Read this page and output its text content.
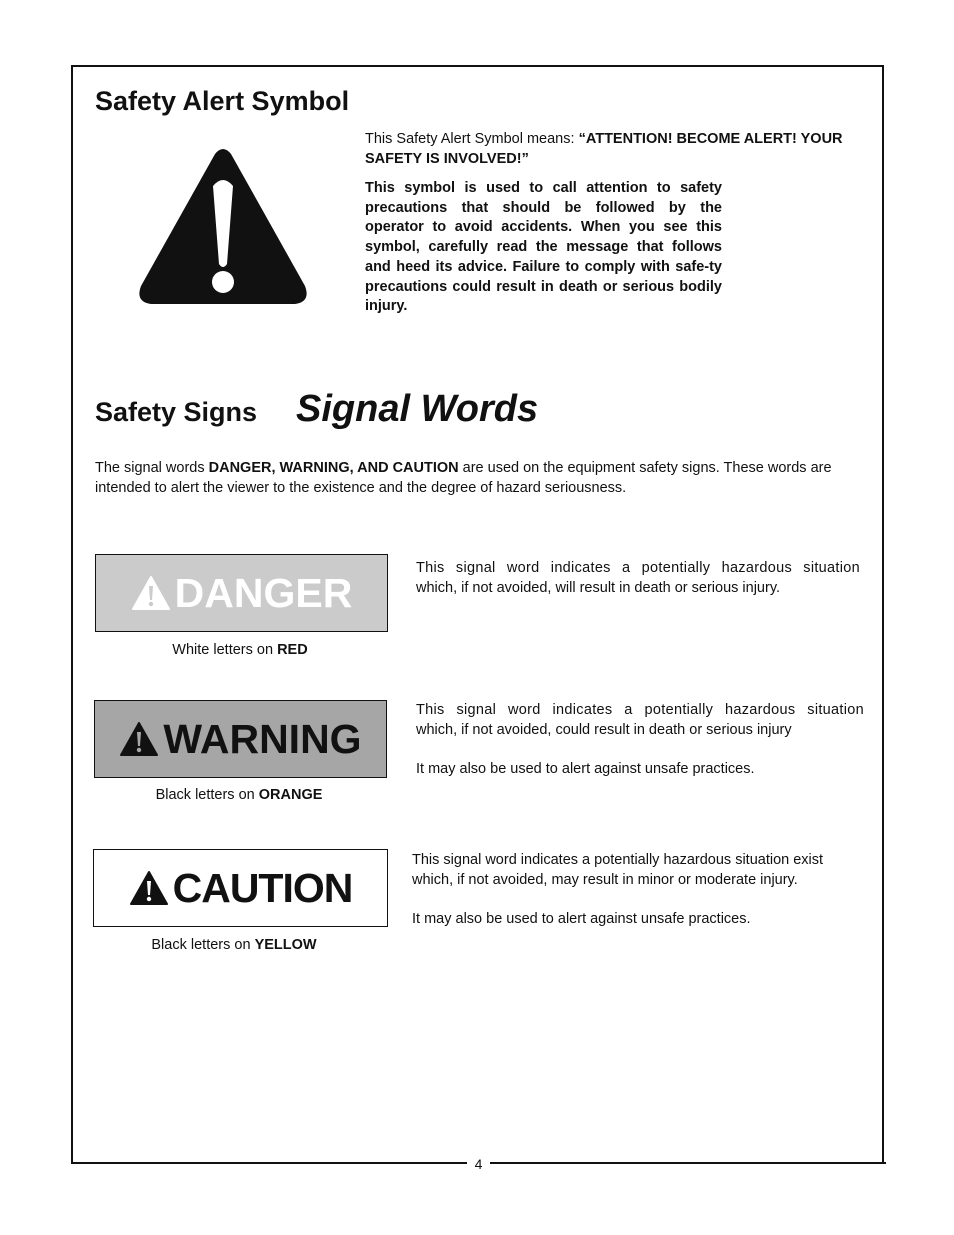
4
Safety Alert Symbol
This Safety Alert Symbol means: “ATTENTION! BECOME ALERT! YOUR SAFETY IS INVOLVED!”
This symbol is used to call attention to safety precautions that should be followed by the operator to avoid accidents. When you see this symbol, carefully read the message that follows and heed its advice. Failure to comply with safe-ty precautions could result in death or serious bodily injury.
Safety Signs Signal Words
The signal words DANGER, WARNING, AND CAUTION are used on the equipment safety signs. These words are intended to alert the viewer to the existence and the degree of hazard seriousness.
DANGER
White letters on RED

This signal word indicates a potentially hazardous situation

which, if not avoided, will result in death or serious injury.

WARNING
Black letters on ORANGE

This signal word indicates a potentially hazardous situation

which, if not avoided, could result in death or serious injury

It may also be used to alert against unsafe practices.

CAUTION
Black letters on YELLOW

This signal word indicates a potentially hazardous situation exist

which, if not avoided, may result in minor or moderate injury.

It may also be used to alert against unsafe practices.
